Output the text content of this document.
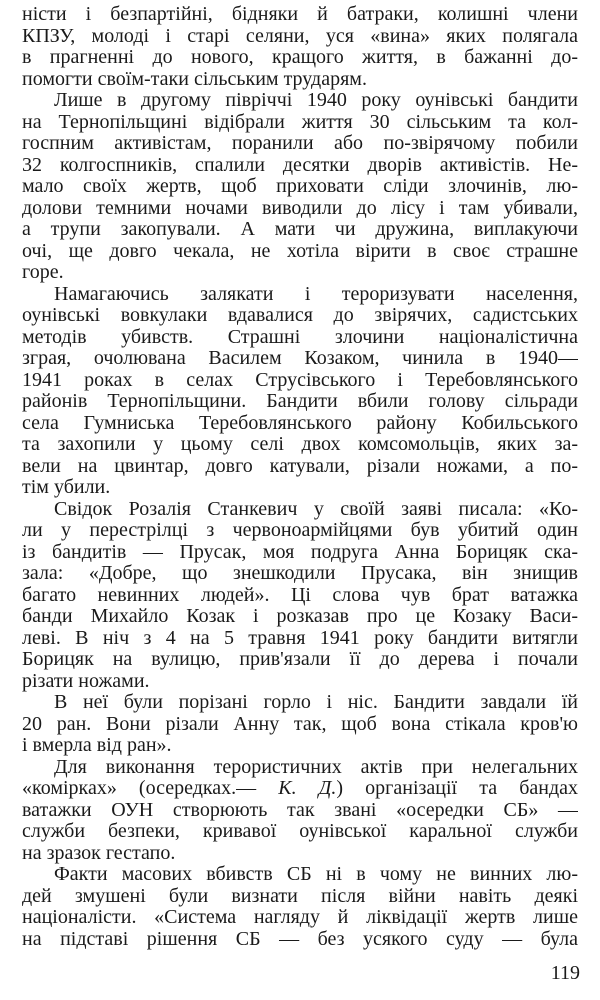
ністи і безпартійні, бідняки й батраки, колишні члени
КПЗУ, молоді і старі селяни, уся «вина» яких полягала
в прагненні до нового, кращого життя, в бажанні до-
помогти своїм-таки сільським трударям.
Лише в другому півріччі 1940 року оунівські бандити
на Тернопільщині відібрали життя 30 сільським та кол-
госпним активістам, поранили або по-звірячому побили
32 колгоспників, спалили десятки дворів активістів. Не-
мало своїх жертв, щоб приховати сліди злочинів, лю-
долови темними ночами виводили до лісу і там убивали,
а трупи закопували. А мати чи дружина, виплакуючи
очі, ще довго чекала, не хотіла вірити в своє страшне
горе.
Намагаючись залякати і тероризувати населення,
оунівські вовкулаки вдавалися до звірячих, садистських
методів убивств. Страшні злочини націоналістична
зграя, очолювана Василем Козаком, чинила в 1940—
1941 роках в селах Струсівського і Теребовлянського
районів Тернопільщини. Бандити вбили голову сільради
села Гумниська Теребовлянського району Кобильського
та захопили у цьому селі двох комсомольців, яких за-
вели на цвинтар, довго катували, різали ножами, а по-
тім убили.
Свідок Розалія Станкевич у своїй заяві писала: «Ко-
ли у перестрілці з червоноармійцями був убитий один
із бандитів — Прусак, моя подруга Анна Борицяк ска-
зала: «Добре, що знешкодили Прусака, він знищив
багато невинних людей». Ці слова чув брат ватажка
банди Михайло Козак і розказав про це Козаку Васи-
леві. В ніч з 4 на 5 травня 1941 року бандити витягли
Борицяк на вулицю, прив'язали її до дерева і почали
різати ножами.
В неї були порізані горло і ніс. Бандити завдали їй
20 ран. Вони різали Анну так, щоб вона стікала кров'ю
і вмерла від ран».
Для виконання терористичних актів при нелегальних
«комірках» (осередках.— К. Д.) організації та бандах
ватажки ОУН створюють так звані «осередки СБ» —
служби безпеки, кривавої оунівської каральної служби
на зразок гестапо.
Факти масових вбивств СБ ні в чому не винних лю-
дей змушені були визнати після війни навіть деякі
націоналісти. «Система нагляду й ліквідації жертв лише
на підставі рішення СБ — без усякого суду — була
119
